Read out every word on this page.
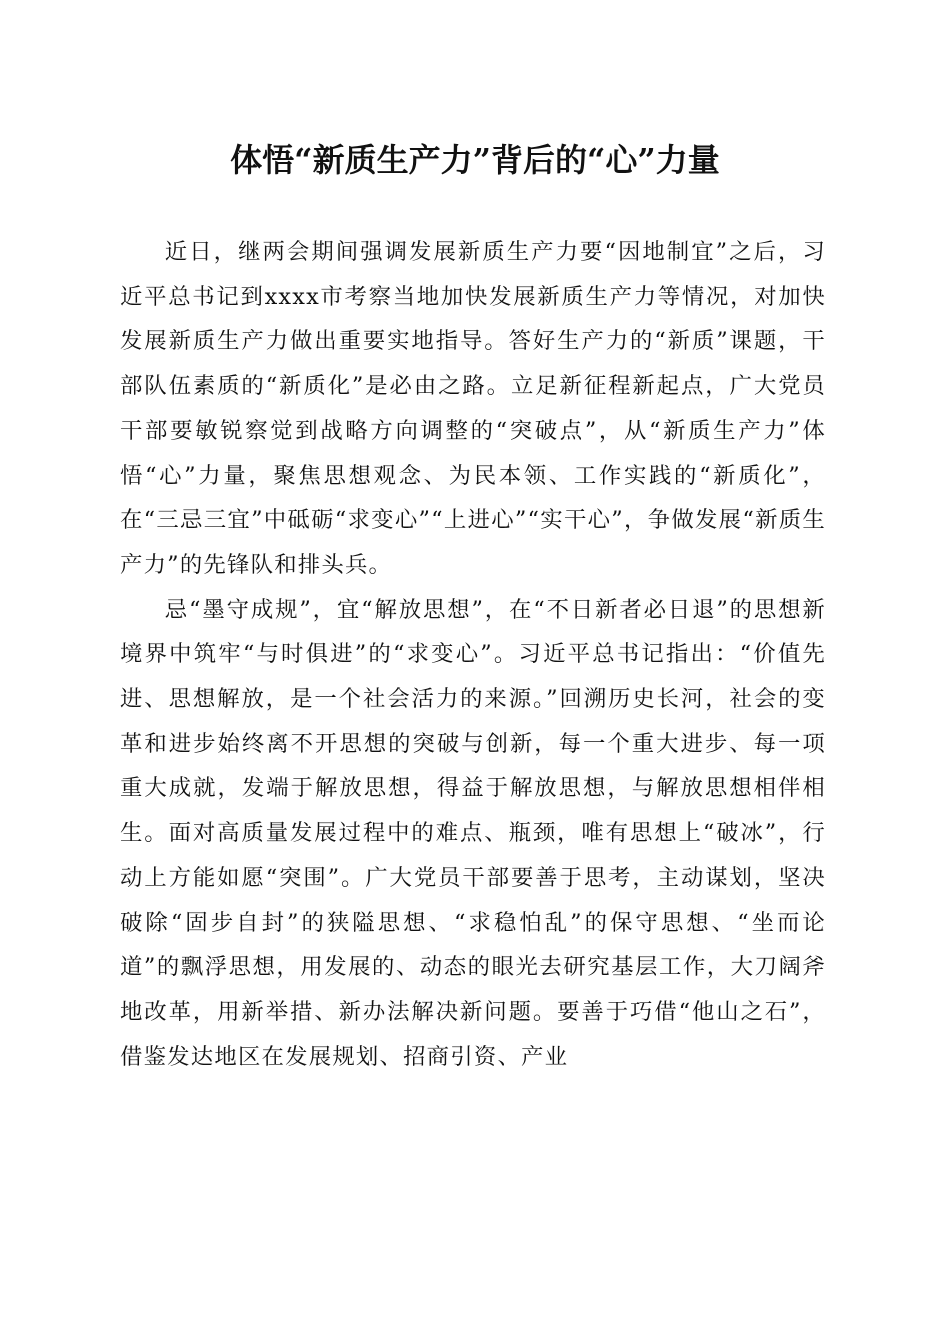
体悟“新质生产力”背后的“心”力量

近日，继两会期间强调发展新质生产力要“因地制宜”之后，习近平总书记到xxxx市考察当地加快发展新质生产力等情况，对加快发展新质生产力做出重要实地指导。答好生产力的“新质”课题，干部队伍素质的“新质化”是必由之路。立足新征程新起点，广大党员干部要敏锐察觉到战略方向调整的“突破点”，从“新质生产力”体悟“心”力量，聚焦思想观念、为民本领、工作实践的“新质化”，在“三忌三宜”中砥砺“求变心”“上进心”“实干心”，争做发展“新质生产力”的先锋队和排头兵。

忌“墨守成规”，宜“解放思想”，在“不日新者必日退”的思想新境界中筑牢“与时俱进”的“求变心”。习近平总书记指出：“价值先进、思想解放，是一个社会活力的来源。”回溯历史长河，社会的变革和进步始终离不开思想的突破与创新，每一个重大进步、每一项重大成就，发端于解放思想，得益于解放思想，与解放思想相伴相生。面对高质量发展过程中的难点、瓶颈，唯有思想上“破冰”，行动上方能如愿“突围”。广大党员干部要善于思考，主动谋划，坚决破除“固步自封”的狭隘思想、“求稳怕乱”的保守思想、“坐而论道”的飘浮思想，用发展的、动态的眼光去研究基层工作，大刀阔斧地改革，用新举措、新办法解决新问题。要善于巧借“他山之石”，借鉴发达地区在发展规划、招商引资、产业
